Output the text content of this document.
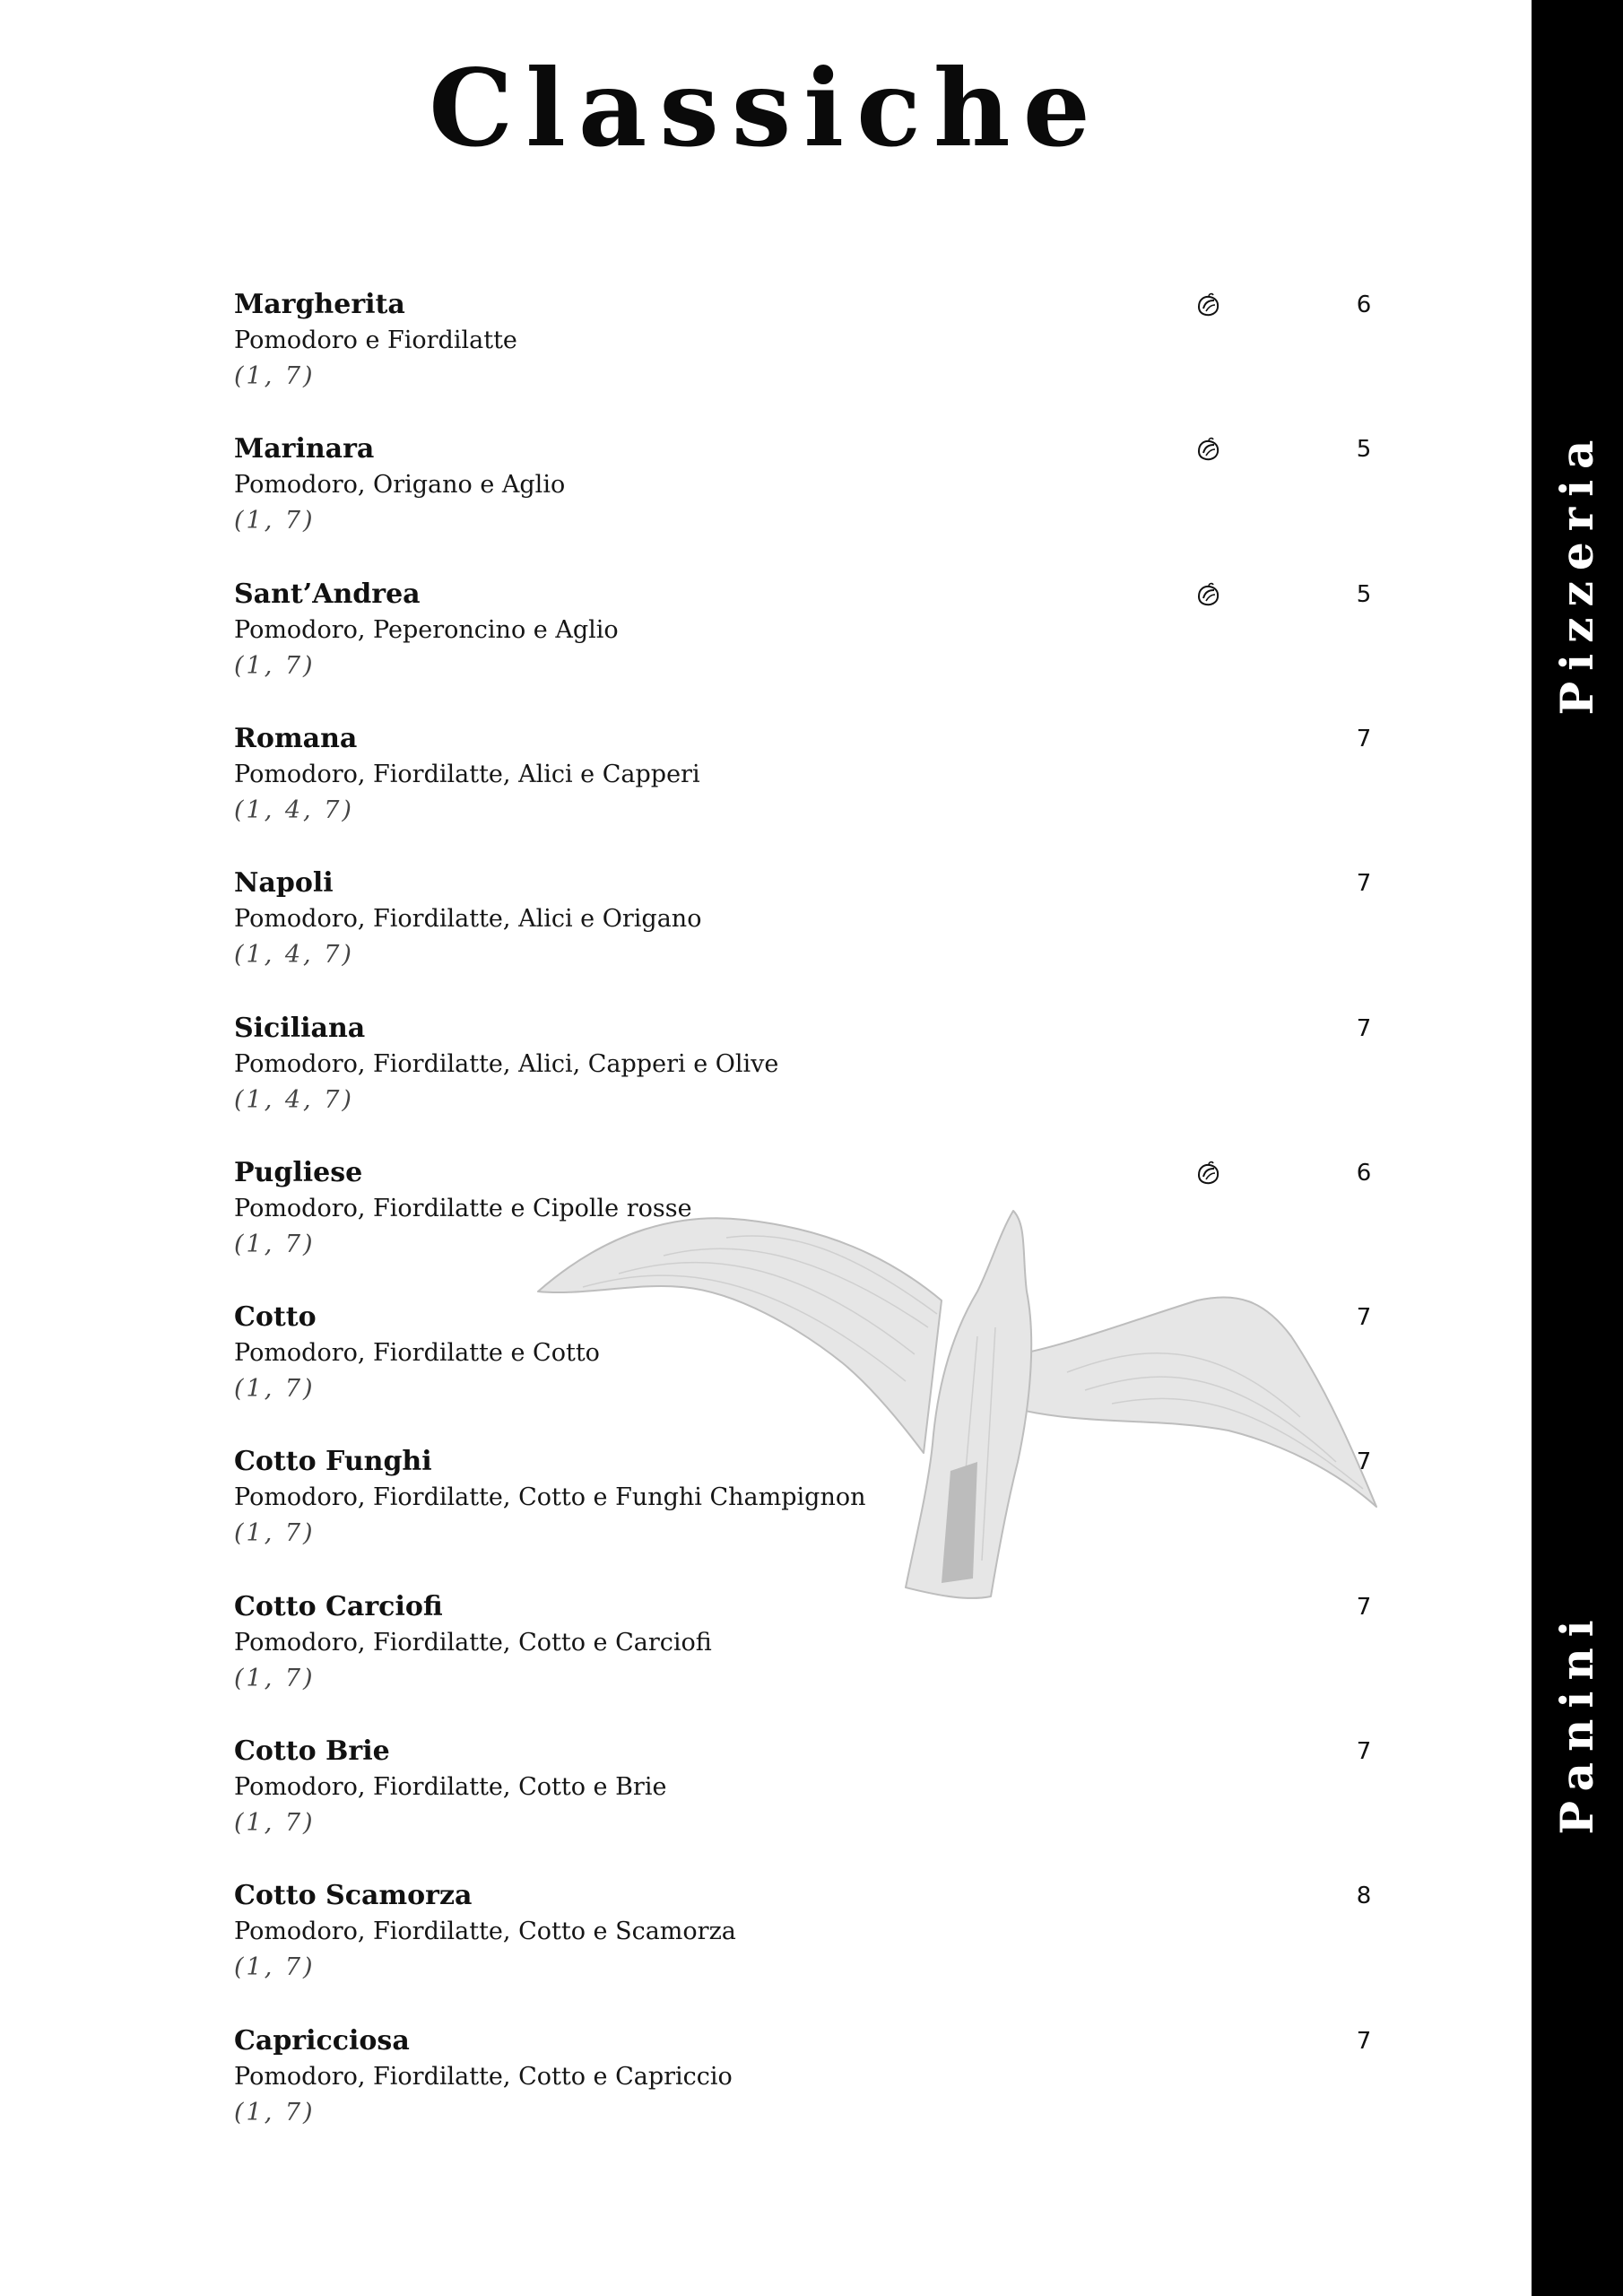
Classiche
Margherita
Pomodoro e Fiordilatte
(1, 7)
6
Marinara
Pomodoro, Origano e Aglio
(1, 7)
5
Sant’Andrea
Pomodoro, Peperoncino e Aglio
(1, 7)
5
Romana
Pomodoro, Fiordilatte, Alici e Capperi
(1, 4, 7)
7
Napoli
Pomodoro, Fiordilatte, Alici e Origano
(1, 4, 7)
7
Siciliana
Pomodoro, Fiordilatte, Alici, Capperi e Olive
(1, 4, 7)
7
Pugliese
Pomodoro, Fiordilatte e Cipolle rosse
(1, 7)
6
Cotto
Pomodoro, Fiordilatte e Cotto
(1, 7)
7
Cotto Funghi
Pomodoro, Fiordilatte, Cotto e Funghi Champignon
(1, 7)
7
Cotto Carciofi
Pomodoro, Fiordilatte, Cotto e Carciofi
(1, 7)
7
Cotto Brie
Pomodoro, Fiordilatte, Cotto e Brie
(1, 7)
7
Cotto Scamorza
Pomodoro, Fiordilatte, Cotto e Scamorza
(1, 7)
8
Capricciosa
Pomodoro, Fiordilatte, Cotto e Capriccio
(1, 7)
7
Pizzeria
Panini
